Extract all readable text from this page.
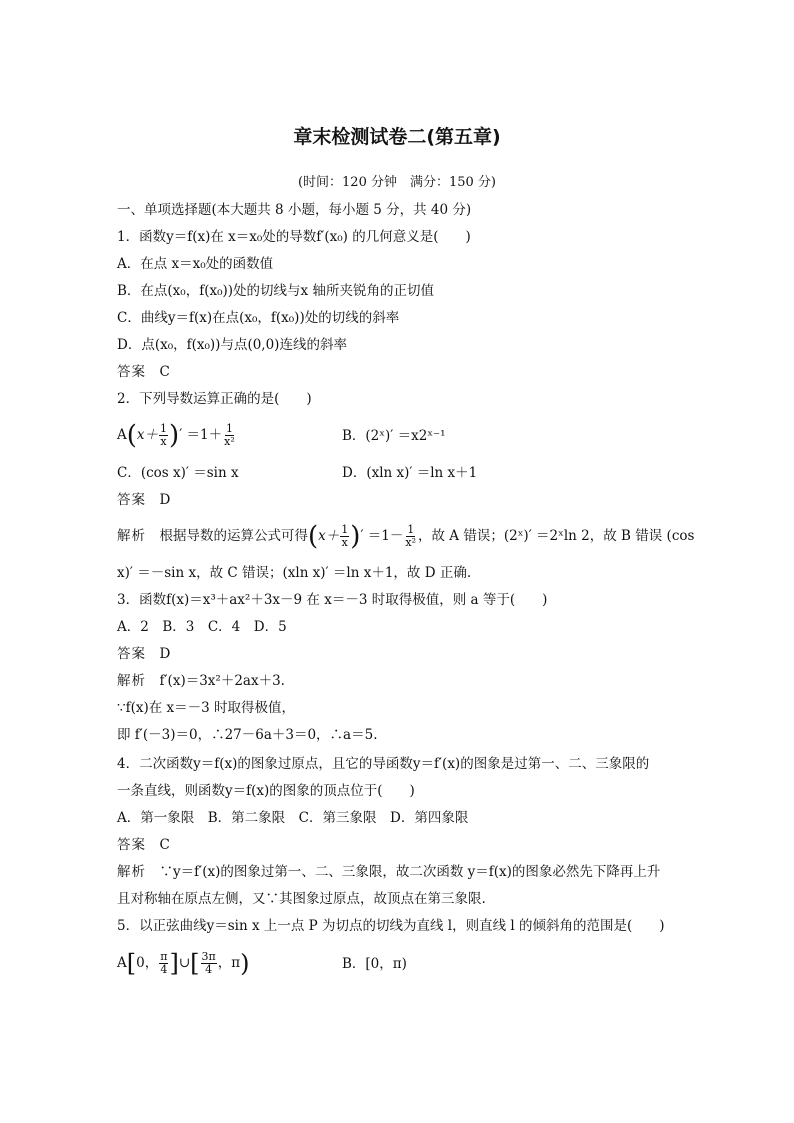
章末检测试卷二(第五章)
(时间：120 分钟　满分：150 分)
一、单项选择题(本大题共 8 小题，每小题 5 分，共 40 分)
1．函数y＝f(x)在 x＝x₀处的导数f′(x₀) 的几何意义是(　　)
A．在点 x＝x₀处的函数值
B．在点(x₀，f(x₀))处的切线与x 轴所夹锐角的正切值
C．曲线y＝f(x)在点(x₀，f(x₀))处的切线的斜率
D．点(x₀，f(x₀))与点(0,0)连线的斜率
答案　 C
2．下列导数运算正确的是(　　)
$A(x+ \frac{1}{x}$ )′ $=1+ \frac{1}{\text{x²}}$	B．(2ˣ)′ ＝x2ˣ⁻¹
C．(cos x)′ ＝sin x	D．(xln x)′ ＝ln x＋1
答案　 D
解析　 根据导数的运算公式可得($x+ \frac{1}{x}$ )′ $=1- \frac{1}{\text{x²}}$ ，故 A 错误；(2ˣ)′ ＝2ˣln 2，故 B 错误 (cos
x)′ ＝－sin x，故 C 错误；(xln x)′ ＝ln x＋1，故 D 正确.
3．函数f(x)＝x³＋ax²＋3x－9 在 x＝－3 时取得极值，则 a 等于(　　)
A．2　B．3　C．4　D．5
答案　 D
解析　 f′(x)＝3x²＋2ax＋3.
∵f(x)在 x＝－3 时取得极值，
即 f′(－3)＝0，∴27－6a＋3＝0，∴a＝5.
4．二次函数y＝f(x)的图象过原点，且它的导函数y＝f′(x)的图象是过第一、二、三象限的
一条直线，则函数y＝f(x)的图象的顶点位于(　　)
A．第一象限　B．第二象限　C．第三象限　D．第四象限
答案　 C
解析　 ∵y＝f′(x)的图象过第一、二、三象限，故二次函数 y＝f(x)的图象必然先下降再上升
且对称轴在原点左侧，又∵其图象过原点，故顶点在第三象限.
5．以正弦曲线y＝sin x 上一点 P 为切点的切线为直线 l，则直线 l 的倾斜角的范围是(　　)
A[0， $\frac{\pi}{4}$ ]∪[ $\frac{3\pi}{4}$ ，π)	B．[0，π)
